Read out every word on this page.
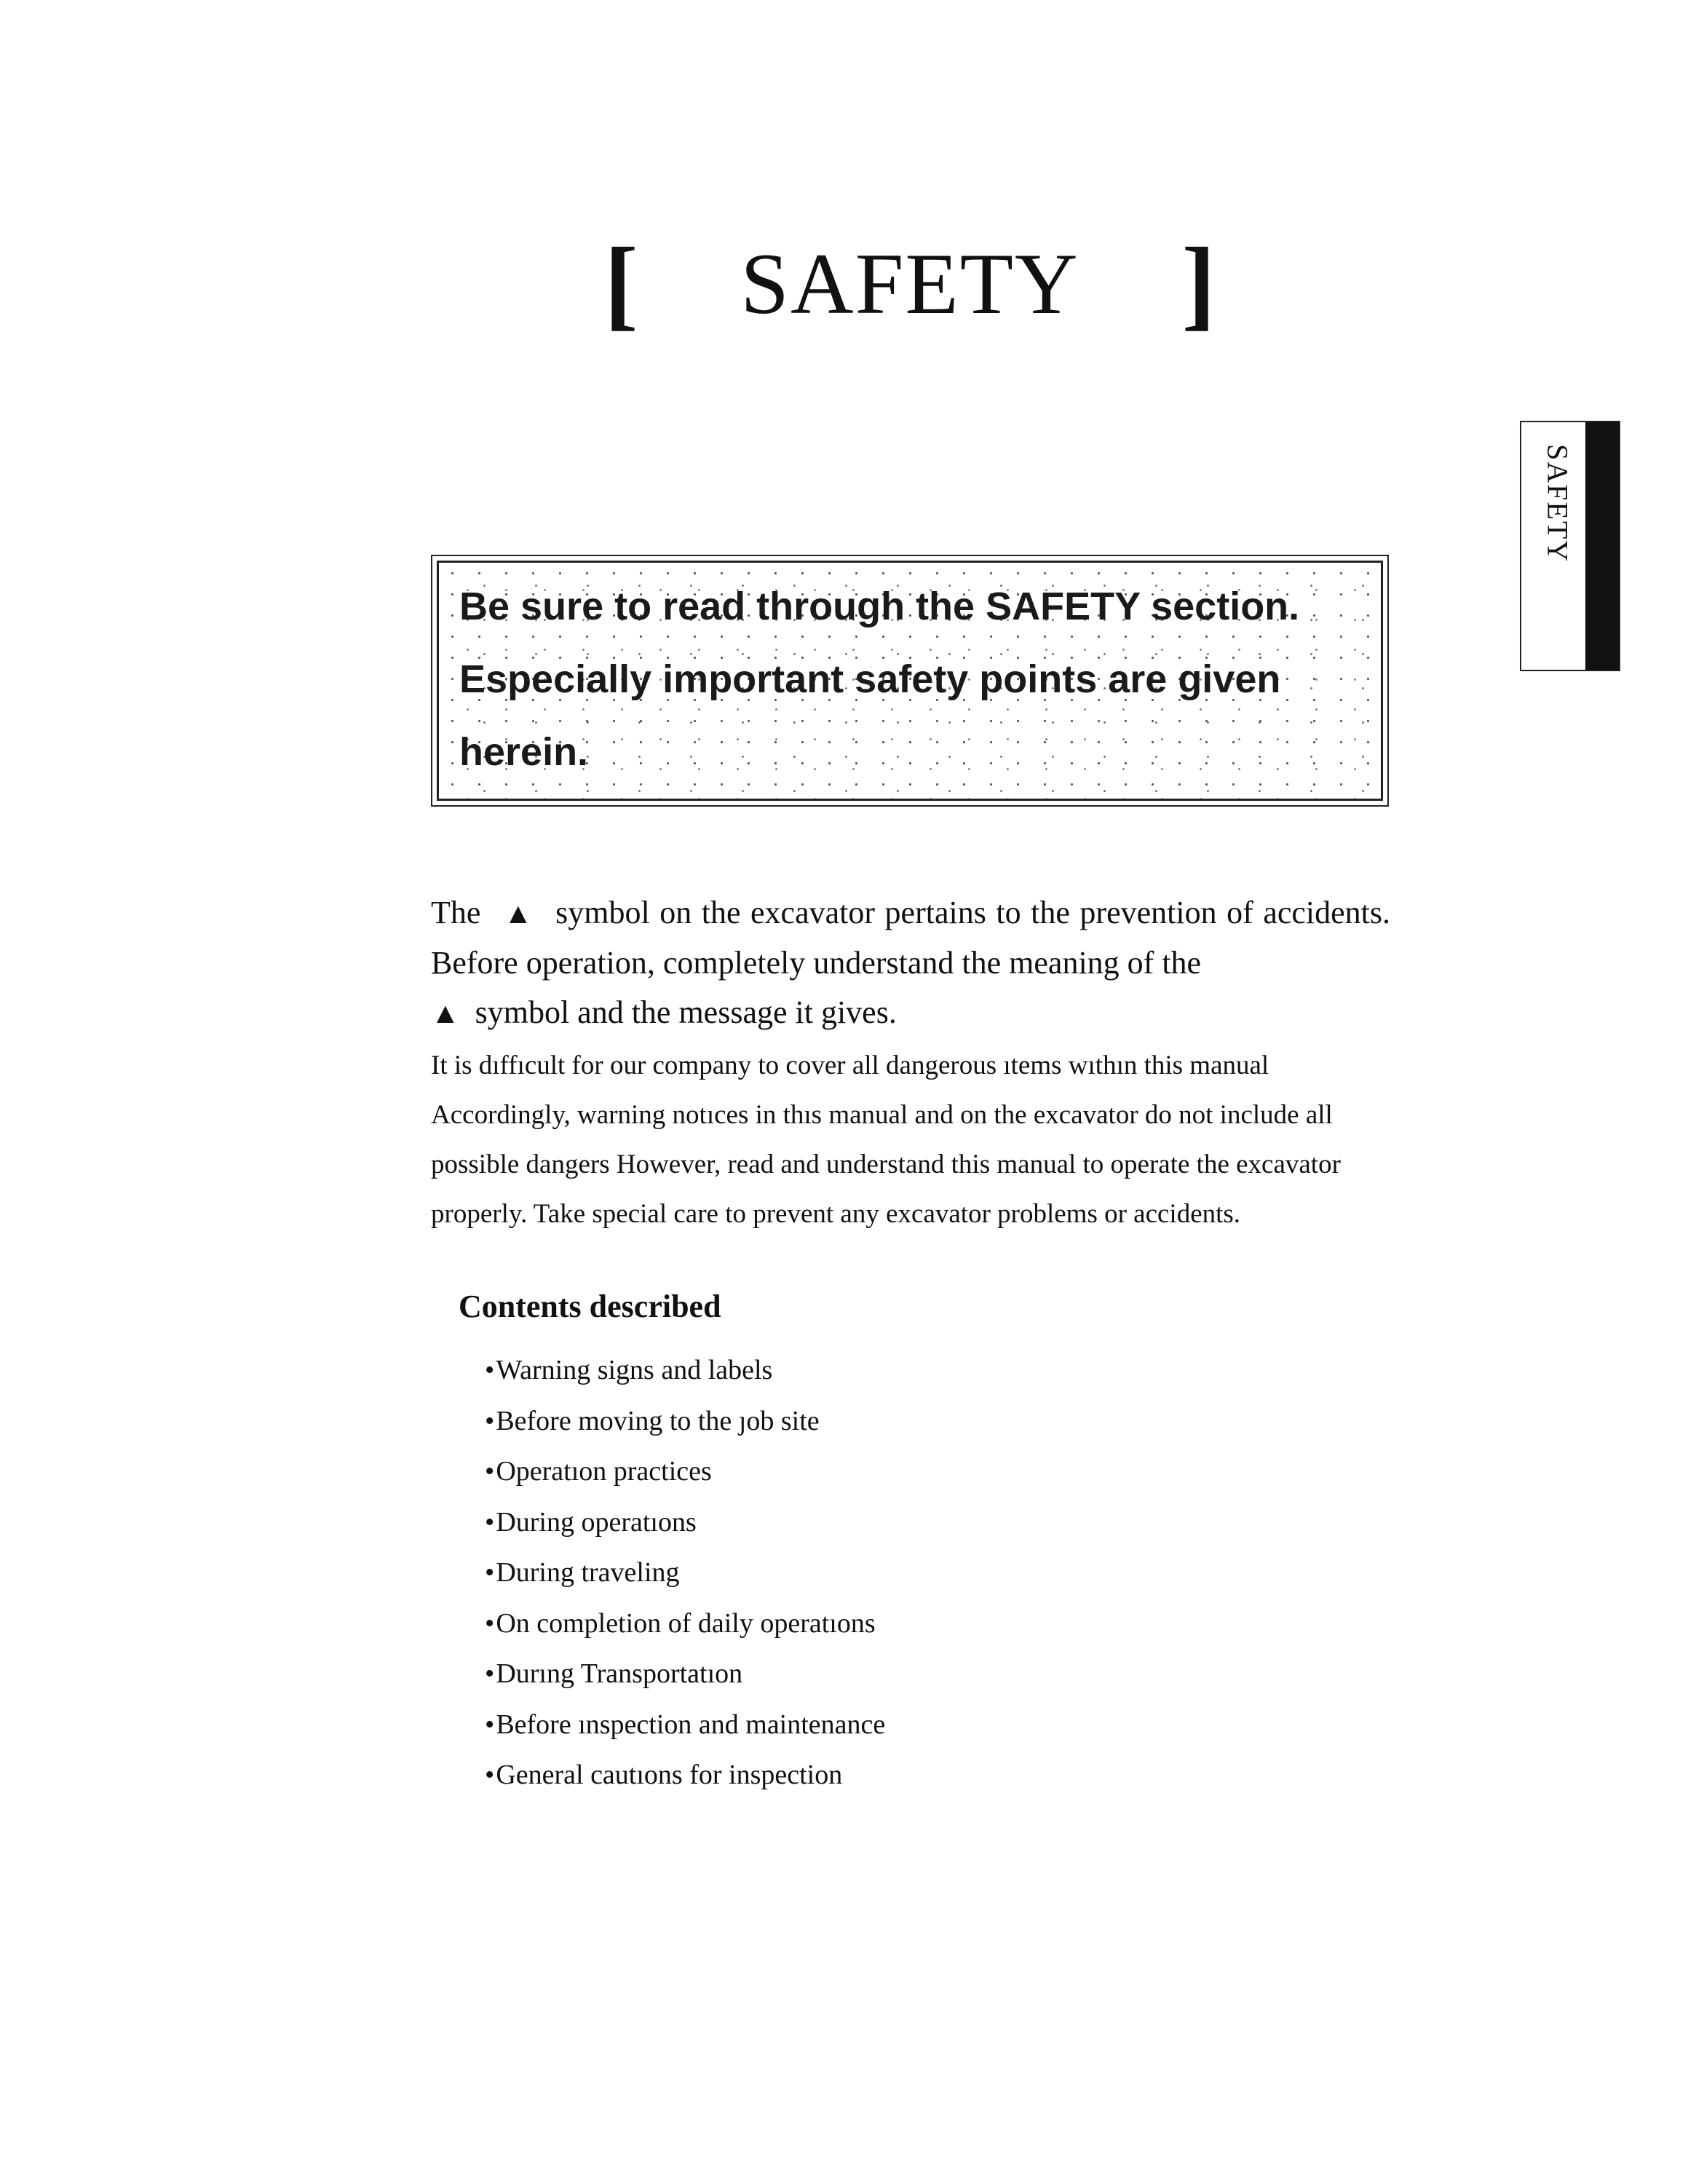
[ SAFETY ]
SAFETY
Be sure to read through the SAFETY section.
Especially important safety points are given
herein.
The ▲ symbol on the excavator pertains to the prevention of accidents. Before operation, completely understand the meaning of the
▲ symbol and the message it gives.

It is dıffıcult for our company to cover all dangerous ıtems wıthın this manual

Accordingly, warning notıces in thıs manual and on the excavator do not include all

possible dangers However, read and understand this manual to operate the excavator

properly. Take special care to prevent any excavator problems or accidents.

Contents described
•Warning signs and labels
•Before moving to the ȷob site
•Operatıon practices
•During operatıons
•During traveling
•On completion of daily operatıons
•Durıng Transportatıon
•Before ınspection and maintenance
•General cautıons for inspection
